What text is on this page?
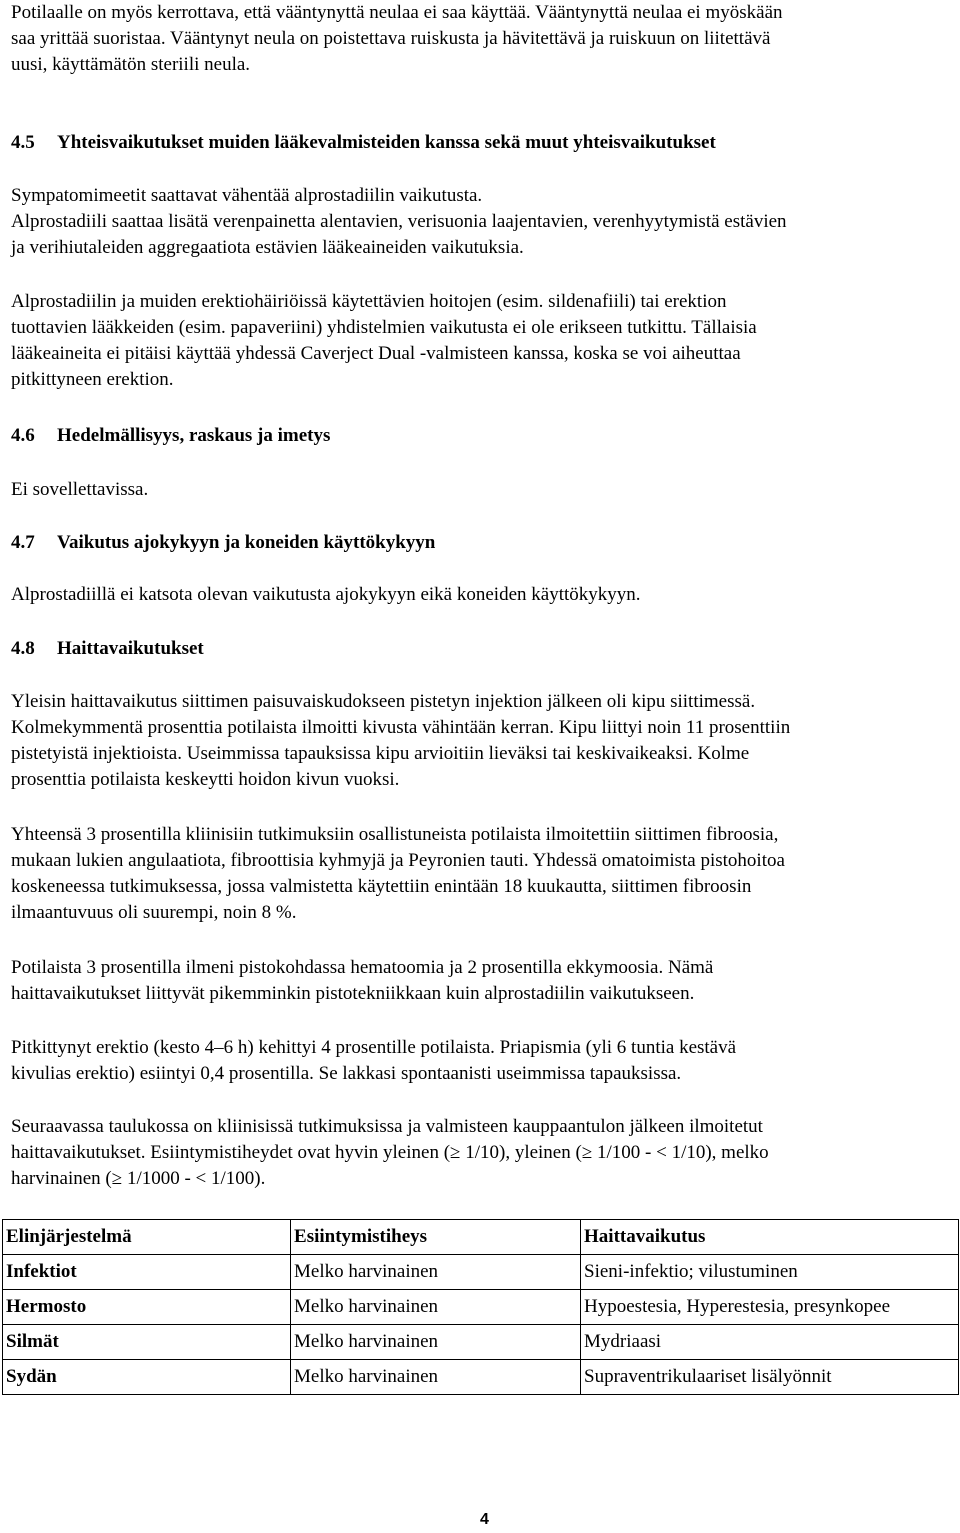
Potilaalle on myös kerrottava, että vääntynyttä neulaa ei saa käyttää. Vääntynyttä neulaa ei myöskään

saa yrittää suoristaa. Vääntynyt neula on poistettava ruiskusta ja hävitettävä ja ruiskuun on liitettävä

uusi, käyttämätön steriili neula.

4.5 Yhteisvaikutukset muiden lääkevalmisteiden kanssa sekä muut yhteisvaikutukset

Sympatomimeetit saattavat vähentää alprostadiilin vaikutusta.

Alprostadiili saattaa lisätä verenpainetta alentavien, verisuonia laajentavien, verenhyytymistä estävien

ja verihiutaleiden aggregaatiota estävien lääkeaineiden vaikutuksia.

Alprostadiilin ja muiden erektiohäiriöissä käytettävien hoitojen (esim. sildenafiili) tai erektion

tuottavien lääkkeiden (esim. papaveriini) yhdistelmien vaikutusta ei ole erikseen tutkittu. Tällaisia

lääkeaineita ei pitäisi käyttää yhdessä Caverject Dual -valmisteen kanssa, koska se voi aiheuttaa

pitkittyneen erektion.

4.6 Hedelmällisyys, raskaus ja imetys

Ei sovellettavissa.

4.7 Vaikutus ajokykyyn ja koneiden käyttökykyyn

Alprostadiillä ei katsota olevan vaikutusta ajokykyyn eikä koneiden käyttökykyyn.

4.8 Haittavaikutukset

Yleisin haittavaikutus siittimen paisuvaiskudokseen pistetyn injektion jälkeen oli kipu siittimessä.

Kolmekymmentä prosenttia potilaista ilmoitti kivusta vähintään kerran. Kipu liittyi noin 11 prosenttiin

pistetyistä injektioista. Useimmissa tapauksissa kipu arvioitiin lieväksi tai keskivaikeaksi. Kolme

prosenttia potilaista keskeytti hoidon kivun vuoksi.

Yhteensä 3 prosentilla kliinisiin tutkimuksiin osallistuneista potilaista ilmoitettiin siittimen fibroosia,

mukaan lukien angulaatiota, fibroottisia kyhmyjä ja Peyronien tauti. Yhdessä omatoimista pistohoitoa

koskeneessa tutkimuksessa, jossa valmistetta käytettiin enintään 18 kuukautta, siittimen fibroosin

ilmaantuvuus oli suurempi, noin 8 %.

Potilaista 3 prosentilla ilmeni pistokohdassa hematoomia ja 2 prosentilla ekkymoosia. Nämä

haittavaikutukset liittyvät pikemminkin pistotekniikkaan kuin alprostadiilin vaikutukseen.

Pitkittynyt erektio (kesto 4–6 h) kehittyi 4 prosentille potilaista. Priapismia (yli 6 tuntia kestävä

kivulias erektio) esiintyi 0,4 prosentilla. Se lakkasi spontaanisti useimmissa tapauksissa.

Seuraavassa taulukossa on kliinisissä tutkimuksissa ja valmisteen kauppaantulon jälkeen ilmoitetut

haittavaikutukset. Esiintymistiheydet ovat hyvin yleinen (≥ 1/10), yleinen (≥ 1/100 - < 1/10), melko

harvinainen (≥ 1/1000 - < 1/100).

Elinjärjestelmä	Esiintymistiheys	Haittavaikutus
Infektiot	Melko harvinainen	Sieni-infektio; vilustuminen
Hermosto	Melko harvinainen	Hypoestesia, Hyperestesia, presynkopee
Silmät	Melko harvinainen	Mydriaasi
Sydän	Melko harvinainen	Supraventrikulaariset lisälyönnit
4
